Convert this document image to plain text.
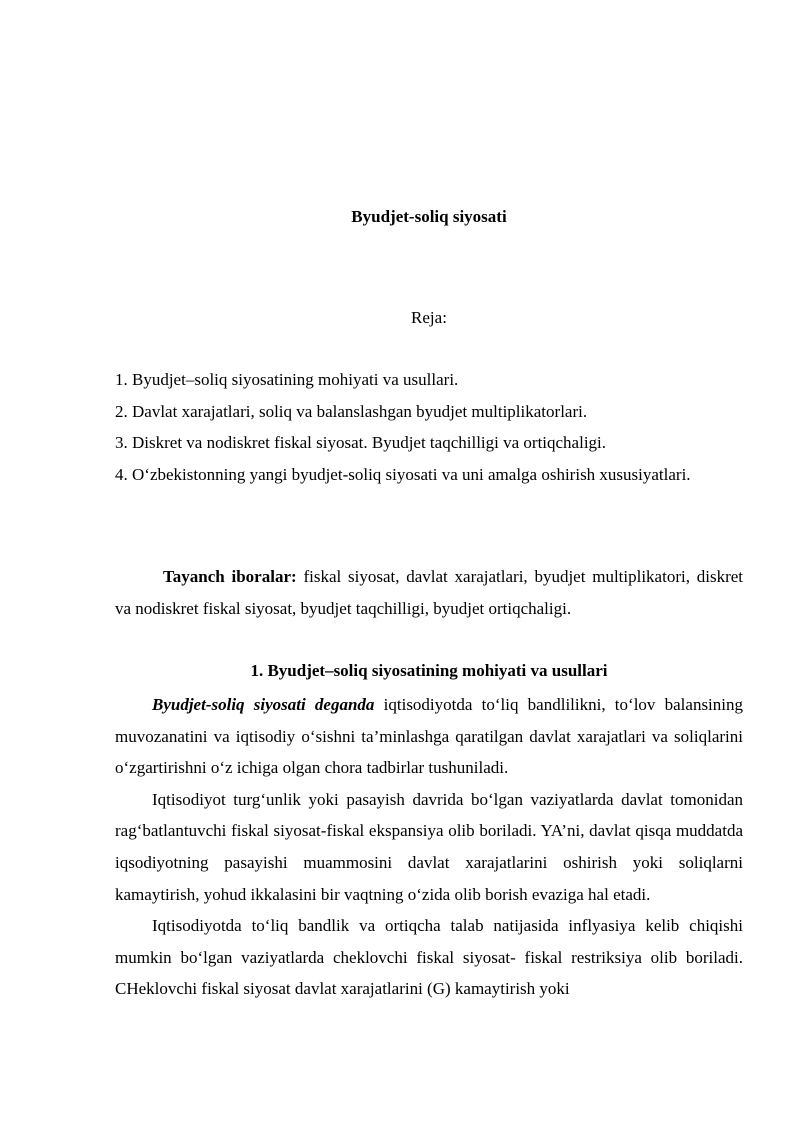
Byudjet-soliq siyosati
Reja:
1. Byudjet–soliq siyosatining mohiyati va usullari.
2. Davlat xarajatlari, soliq va balanslashgan byudjet multiplikatorlari.
3. Diskret va nodiskret fiskal siyosat. Byudjet taqchilligi va ortiqchaligi.
4. O‘zbekistonning yangi byudjet-soliq siyosati va uni amalga oshirish xususiyatlari.
Tayanch iboralar: fiskal siyosat, davlat xarajatlari, byudjet multiplikatori, diskret va nodiskret fiskal siyosat, byudjet taqchilligi, byudjet ortiqchaligi.
1. Byudjet–soliq siyosatining mohiyati va usullari

Byudjet-soliq siyosati deganda iqtisodiyotda to‘liq bandlilikni, to‘lov balansining muvozanatini va iqtisodiy o‘sishni ta’minlashga qaratilgan davlat xarajatlari va soliqlarini o‘zgartirishni o‘z ichiga olgan chora tadbirlar tushuniladi.

Iqtisodiyot turg‘unlik yoki pasayish davrida bo‘lgan vaziyatlarda davlat tomonidan rag‘batlantuvchi fiskal siyosat-fiskal ekspansiya olib boriladi. YA’ni, davlat qisqa muddatda iqsodiyotning pasayishi muammosini davlat xarajatlarini oshirish yoki soliqlarni kamaytirish, yohud ikkalasini bir vaqtning o‘zida olib borish evaziga hal etadi.

Iqtisodiyotda to‘liq bandlik va ortiqcha talab natijasida inflyasiya kelib chiqishi mumkin bo‘lgan vaziyatlarda cheklovchi fiskal siyosat- fiskal restriksiya olib boriladi. CHeklovchi fiskal siyosat davlat xarajatlarini (G) kamaytirish yoki
